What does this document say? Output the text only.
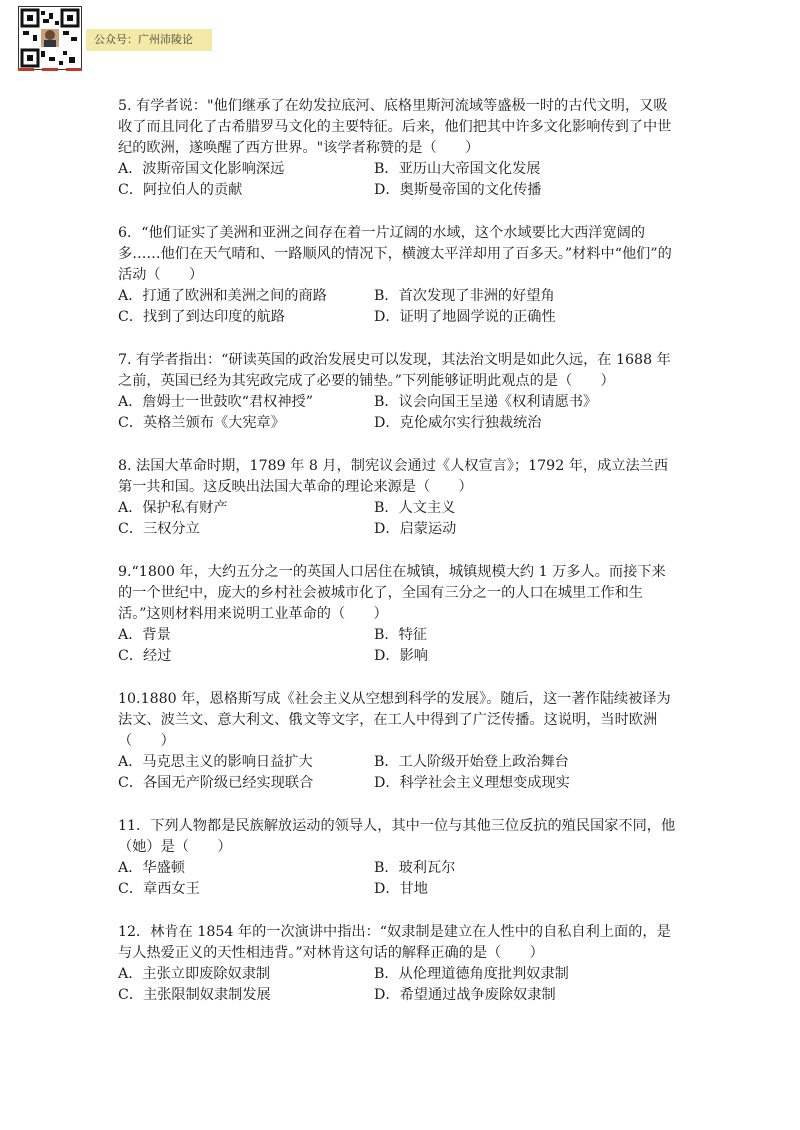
公众号：广州沛陵论

5. 有学者说："他们继承了在幼发拉底河、底格里斯河流域等盛极一时的古代文明，又吸收了而且同化了古希腊罗马文化的主要特征。后来，他们把其中许多文化影响传到了中世纪的欧洲，遂唤醒了西方世界。"该学者称赞的是（　　）

A．波斯帝国文化影响深远	B．亚历山大帝国文化发展
C．阿拉伯人的贡献	D．奥斯曼帝国的文化传播

6．“他们证实了美洲和亚洲之间存在着一片辽阔的水域，这个水域要比大西洋宽阔的多……他们在天气晴和、一路顺风的情况下，横渡太平洋却用了百多天。”材料中“他们”的活动（　　）

A．打通了欧洲和美洲之间的商路	B．首次发现了非洲的好望角
C．找到了到达印度的航路	D．证明了地圆学说的正确性

7. 有学者指出：“研读英国的政治发展史可以发现，其法治文明是如此久远，在 1688 年之前，英国已经为其宪政完成了必要的铺垫。”下列能够证明此观点的是（　　）

A．詹姆士一世鼓吹“君权神授”	B．议会向国王呈递《权利请愿书》
C．英格兰颁布《大宪章》	D．克伦威尔实行独裁统治

8. 法国大革命时期，1789 年 8 月，制宪议会通过《人权宣言》；1792 年，成立法兰西第一共和国。这反映出法国大革命的理论来源是（　　）

A．保护私有财产	B．人文主义
C．三权分立	D．启蒙运动

9.“1800 年，大约五分之一的英国人口居住在城镇，城镇规模大约 1 万多人。而接下来的一个世纪中，庞大的乡村社会被城市化了，全国有三分之一的人口在城里工作和生活。”这则材料用来说明工业革命的（　　）

A．背景	B．特征
C．经过	D．影响

10.1880 年，恩格斯写成《社会主义从空想到科学的发展》。随后，这一著作陆续被译为法文、波兰文、意大利文、俄文等文字，在工人中得到了广泛传播。这说明，当时欧洲（　　）

A．马克思主义的影响日益扩大	B．工人阶级开始登上政治舞台
C．各国无产阶级已经实现联合	D．科学社会主义理想变成现实

11．下列人物都是民族解放运动的领导人，其中一位与其他三位反抗的殖民国家不同，他（她）是（　　）

A．华盛顿	B．玻利瓦尔
C．章西女王	D．甘地

12．林肯在 1854 年的一次演讲中指出：“奴隶制是建立在人性中的自私自利上面的，是与人热爱正义的天性相违背。”对林肯这句话的解释正确的是（　　）

A．主张立即废除奴隶制	B．从伦理道德角度批判奴隶制
C．主张限制奴隶制发展	D．希望通过战争废除奴隶制
